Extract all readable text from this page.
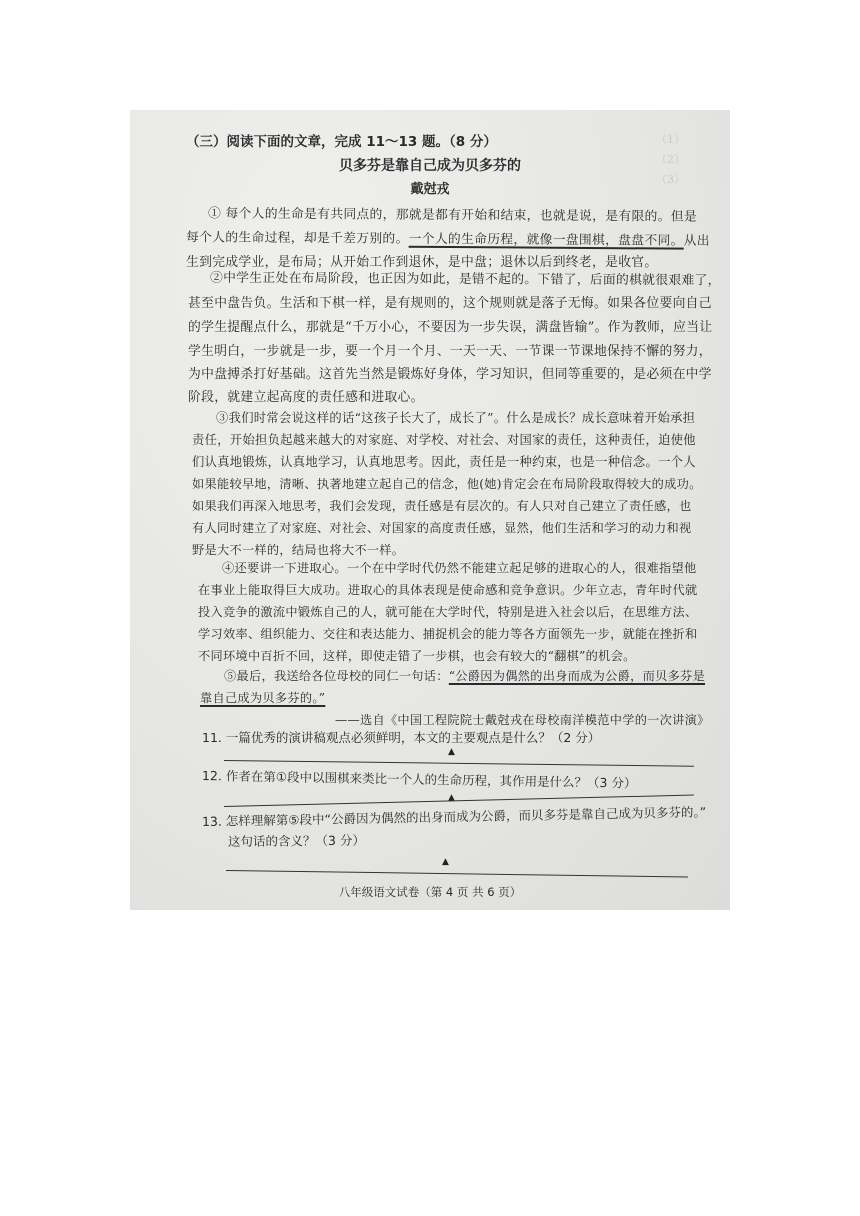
（1）
（2）
（3）
（三）阅读下面的文章，完成 11～13 题。（8 分）
贝多芬是靠自己成为贝多芬的
戴尅戎
① 每个人的生命是有共同点的，那就是都有开始和结束，也就是说，是有限的。但是
每个人的生命过程，却是千差万别的。一个人的生命历程，就像一盘围棋，盘盘不同。从出
生到完成学业，是布局；从开始工作到退休，是中盘；退休以后到终老，是收官。
②中学生正处在布局阶段，也正因为如此，是错不起的。下错了，后面的棋就很艰难了，
甚至中盘告负。生活和下棋一样，是有规则的，这个规则就是落子无悔。如果各位要向自己
的学生提醒点什么，那就是“千万小心，不要因为一步失误，满盘皆输”。作为教师，应当让
学生明白，一步就是一步，要一个月一个月、一天一天、一节课一节课地保持不懈的努力，
为中盘搏杀打好基础。这首先当然是锻炼好身体，学习知识，但同等重要的，是必须在中学
阶段，就建立起高度的责任感和进取心。
③我们时常会说这样的话“这孩子长大了，成长了”。什么是成长？成长意味着开始承担
责任，开始担负起越来越大的对家庭、对学校、对社会、对国家的责任，这种责任，迫使他
们认真地锻炼，认真地学习，认真地思考。因此，责任是一种约束，也是一种信念。一个人
如果能较早地，清晰、执著地建立起自己的信念，他(她)肯定会在布局阶段取得较大的成功。
如果我们再深入地思考，我们会发现，责任感是有层次的。有人只对自己建立了责任感，也
有人同时建立了对家庭、对社会、对国家的高度责任感，显然，他们生活和学习的动力和视
野是大不一样的，结局也将大不一样。
④还要讲一下进取心。一个在中学时代仍然不能建立起足够的进取心的人，很难指望他
在事业上能取得巨大成功。进取心的具体表现是使命感和竞争意识。少年立志，青年时代就
投入竞争的激流中锻炼自己的人，就可能在大学时代，特别是进入社会以后，在思维方法、
学习效率、组织能力、交往和表达能力、捕捉机会的能力等各方面领先一步，就能在挫折和
不同环境中百折不回，这样，即使走错了一步棋，也会有较大的“翻棋”的机会。
⑤最后，我送给各位母校的同仁一句话：“公爵因为偶然的出身而成为公爵，而贝多芬是
靠自己成为贝多芬的。”
——选自《中国工程院院士戴尅戎在母校南洋模范中学的一次讲演》
11. 一篇优秀的演讲稿观点必须鲜明，本文的主要观点是什么？（2 分）
▲
12. 作者在第①段中以围棋来类比一个人的生命历程，其作用是什么？（3 分）
▲
13. 怎样理解第⑤段中“公爵因为偶然的出身而成为公爵，而贝多芬是靠自己成为贝多芬的。”
这句话的含义？（3 分）
▲
八年级语文试卷（第 4 页 共 6 页）
